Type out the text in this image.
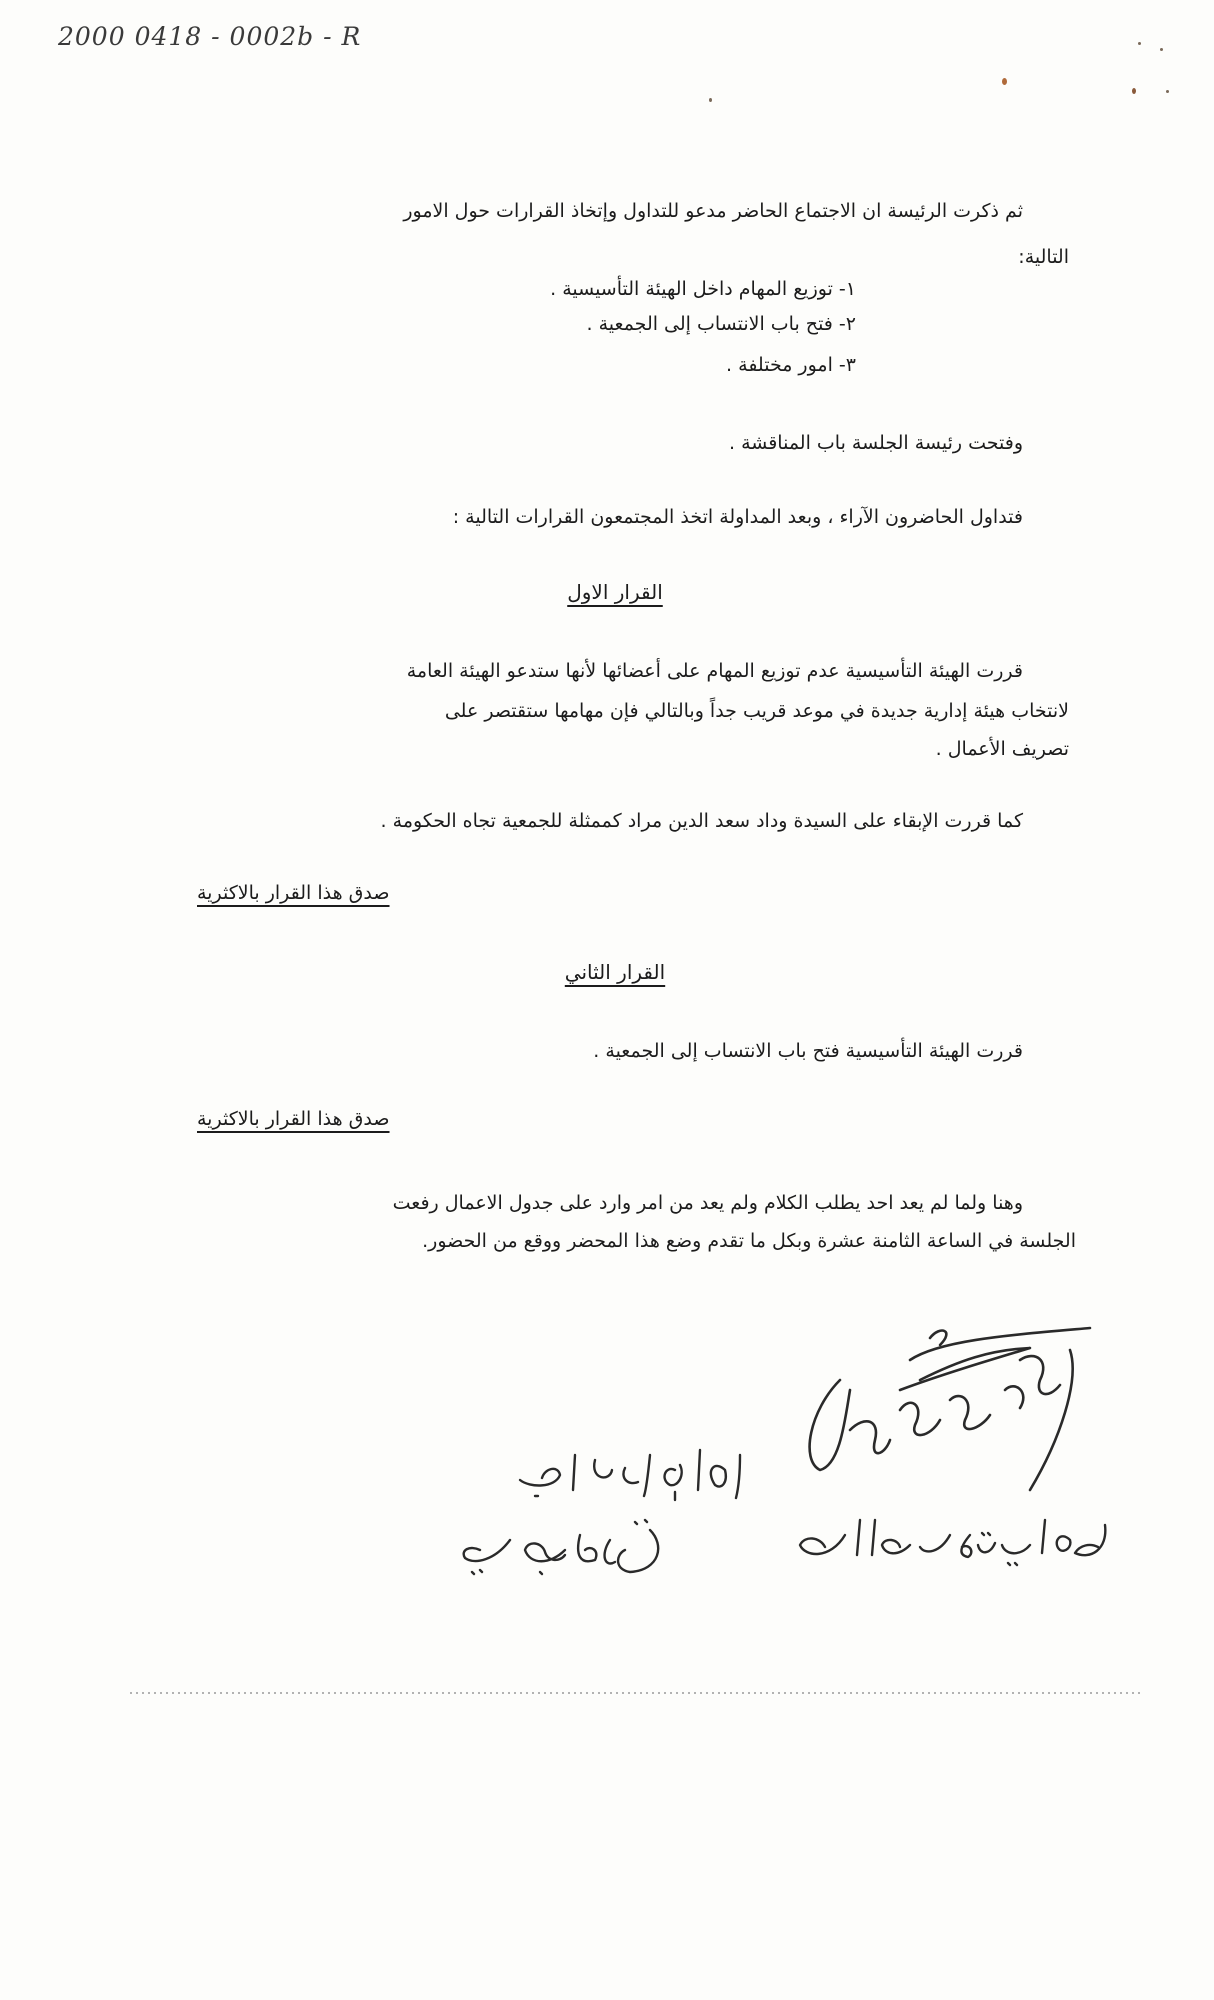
2000 0418 - 0002b - R
ثم ذكرت الرئيسة ان الاجتماع الحاضر مدعو للتداول وإتخاذ القرارات حول الامور
التالية:
١- توزيع المهام داخل الهيئة التأسيسية .
٢- فتح باب الانتساب إلى الجمعية .
٣- امور مختلفة .
وفتحت رئيسة الجلسة باب المناقشة .
فتداول الحاضرون الآراء ، وبعد المداولة اتخذ المجتمعون القرارات التالية :
القرار الاول
قررت الهيئة التأسيسية عدم توزيع المهام على أعضائها لأنها ستدعو الهيئة العامة
لانتخاب هيئة إدارية جديدة في موعد قريب جداً وبالتالي فإن مهامها ستقتصر على
تصريف الأعمال .
كما قررت الإبقاء على السيدة وداد سعد الدين مراد كممثلة للجمعية تجاه الحكومة .
صدق هذا القرار بالاكثرية
القرار الثاني
قررت الهيئة التأسيسية فتح باب الانتساب إلى الجمعية .
صدق هذا القرار بالاكثرية
وهنا ولما لم يعد احد يطلب الكلام ولم يعد من امر وارد على جدول الاعمال رفعت
الجلسة في الساعة الثامنة عشرة وبكل ما تقدم وضع هذا المحضر ووقع من الحضور.
